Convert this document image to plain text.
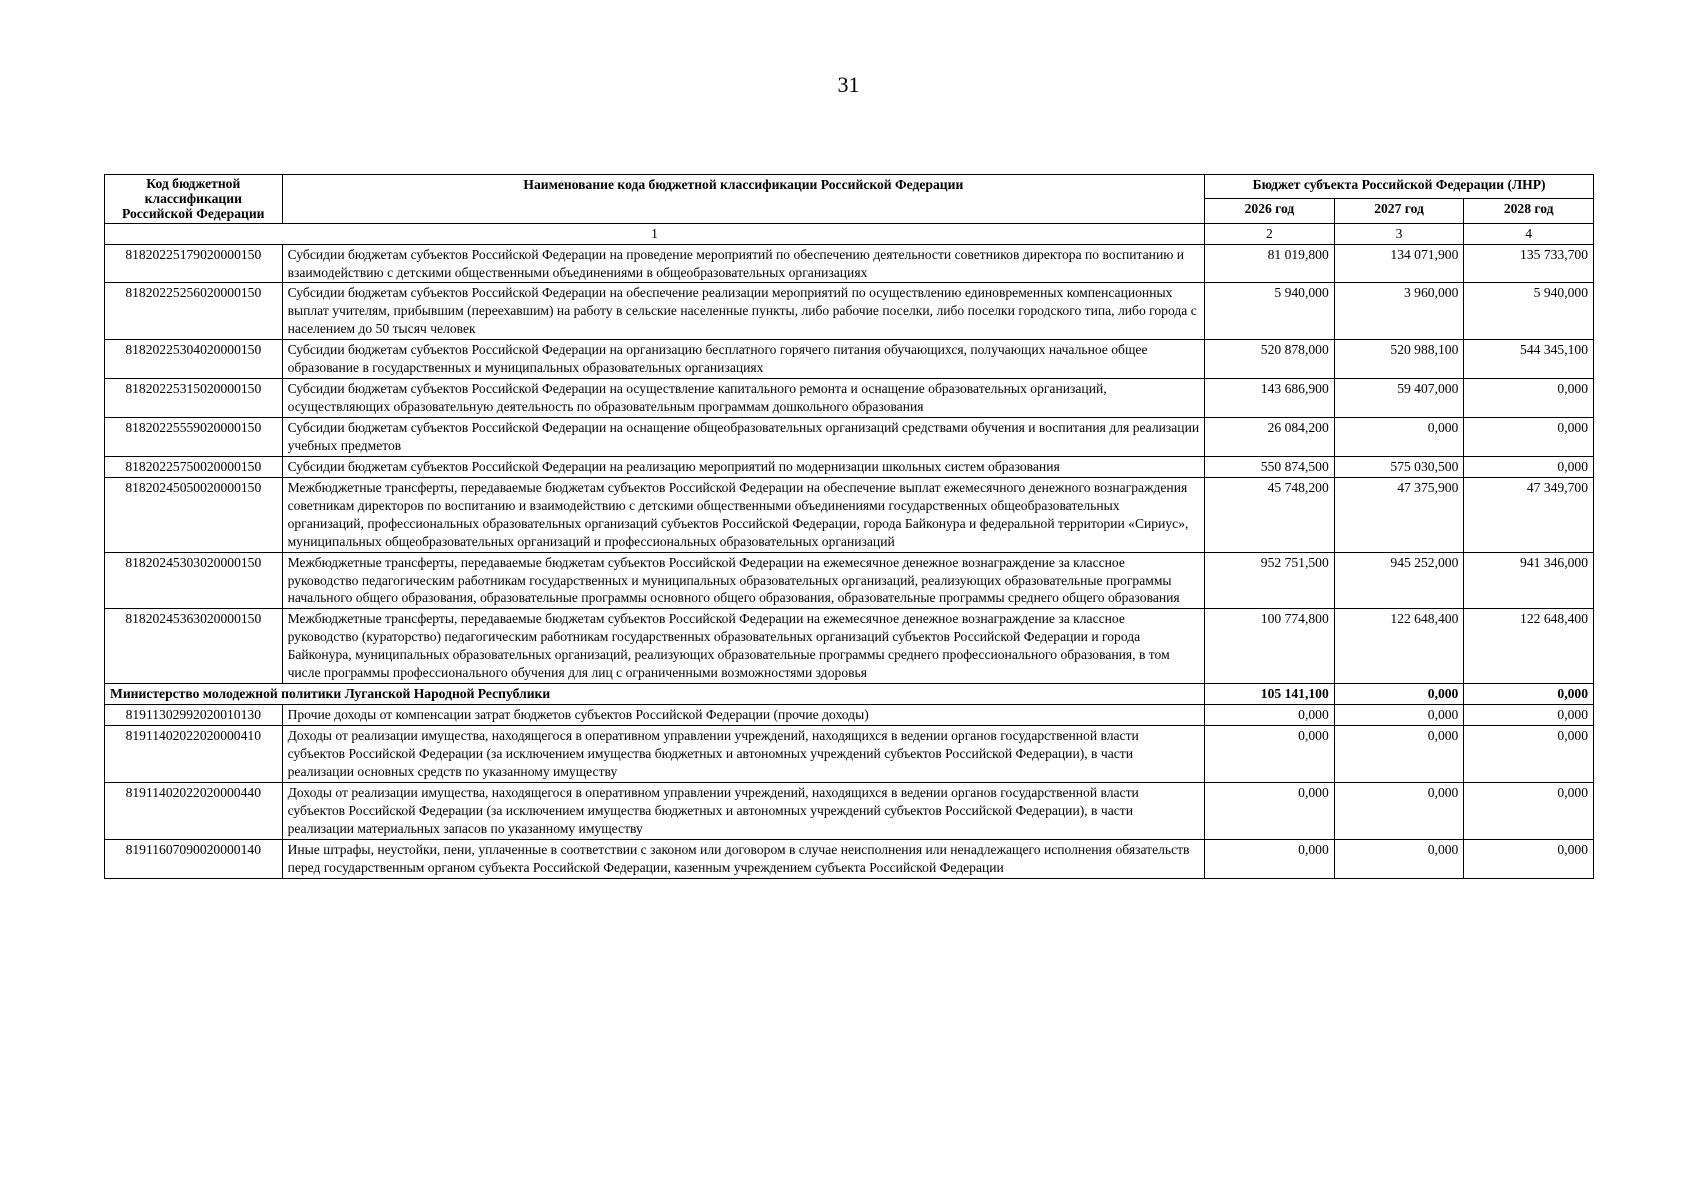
31
Код бюджетной классификации Российской Федерации	Наименование кода бюджетной классификации Российской Федерации	Бюджет субъекта Российской Федерации (ЛНР)		
		2026 год	2027 год	2028 год
1		2	3	4
81820225179020000150	Субсидии бюджетам субъектов Российской Федерации на проведение мероприятий по обеспечению деятельности советников директора по воспитанию и взаимодействию с детскими общественными объединениями в общеобразовательных организациях	81 019,800	134 071,900	135 733,700
81820225256020000150	Субсидии бюджетам субъектов Российской Федерации на обеспечение реализации мероприятий по осуществлению единовременных компенсационных выплат учителям, прибывшим (переехавшим) на работу в сельские населенные пункты, либо рабочие поселки, либо поселки городского типа, либо города с населением до 50 тысяч человек	5 940,000	3 960,000	5 940,000
81820225304020000150	Субсидии бюджетам субъектов Российской Федерации на организацию бесплатного горячего питания обучающихся, получающих начальное общее образование в государственных и муниципальных образовательных организациях	520 878,000	520 988,100	544 345,100
81820225315020000150	Субсидии бюджетам субъектов Российской Федерации на осуществление капитального ремонта и оснащение образовательных организаций, осуществляющих образовательную деятельность по образовательным программам дошкольного образования	143 686,900	59 407,000	0,000
81820225559020000150	Субсидии бюджетам субъектов Российской Федерации на оснащение общеобразовательных организаций средствами обучения и воспитания для реализации учебных предметов	26 084,200	0,000	0,000
81820225750020000150	Субсидии бюджетам субъектов Российской Федерации на реализацию мероприятий по модернизации школьных систем образования	550 874,500	575 030,500	0,000
81820245050020000150	Межбюджетные трансферты, передаваемые бюджетам субъектов Российской Федерации на обеспечение выплат ежемесячного денежного вознаграждения советникам директоров по воспитанию и взаимодействию с детскими общественными объединениями государственных общеобразовательных организаций, профессиональных образовательных организаций субъектов Российской Федерации, города Байконура и федеральной территории «Сириус», муниципальных общеобразовательных организаций и профессиональных образовательных организаций	45 748,200	47 375,900	47 349,700
81820245303020000150	Межбюджетные трансферты, передаваемые бюджетам субъектов Российской Федерации на ежемесячное денежное вознаграждение за классное руководство педагогическим работникам государственных и муниципальных образовательных организаций, реализующих образовательные программы начального общего образования, образовательные программы основного общего образования, образовательные программы среднего общего образования	952 751,500	945 252,000	941 346,000
81820245363020000150	Межбюджетные трансферты, передаваемые бюджетам субъектов Российской Федерации на ежемесячное денежное вознаграждение за классное руководство (кураторство) педагогическим работникам государственных образовательных организаций субъектов Российской Федерации и города Байконура, муниципальных образовательных организаций, реализующих образовательные программы среднего профессионального образования, в том числе программы профессионального обучения для лиц с ограниченными возможностями здоровья	100 774,800	122 648,400	122 648,400
Министерство молодежной политики Луганской Народной Республики		105 141,100	0,000	0,000
81911302992020010130	Прочие доходы от компенсации затрат бюджетов субъектов Российской Федерации (прочие доходы)	0,000	0,000	0,000
81911402022020000410	Доходы от реализации имущества, находящегося в оперативном управлении учреждений, находящихся в ведении органов государственной власти субъектов Российской Федерации (за исключением имущества бюджетных и автономных учреждений субъектов Российской Федерации), в части реализации основных средств по указанному имуществу	0,000	0,000	0,000
81911402022020000440	Доходы от реализации имущества, находящегося в оперативном управлении учреждений, находящихся в ведении органов государственной власти субъектов Российской Федерации (за исключением имущества бюджетных и автономных учреждений субъектов Российской Федерации), в части реализации материальных запасов по указанному имуществу	0,000	0,000	0,000
81911607090020000140	Иные штрафы, неустойки, пени, уплаченные в соответствии с законом или договором в случае неисполнения или ненадлежащего исполнения обязательств перед государственным органом субъекта Российской Федерации, казенным учреждением субъекта Российской Федерации	0,000	0,000	0,000
